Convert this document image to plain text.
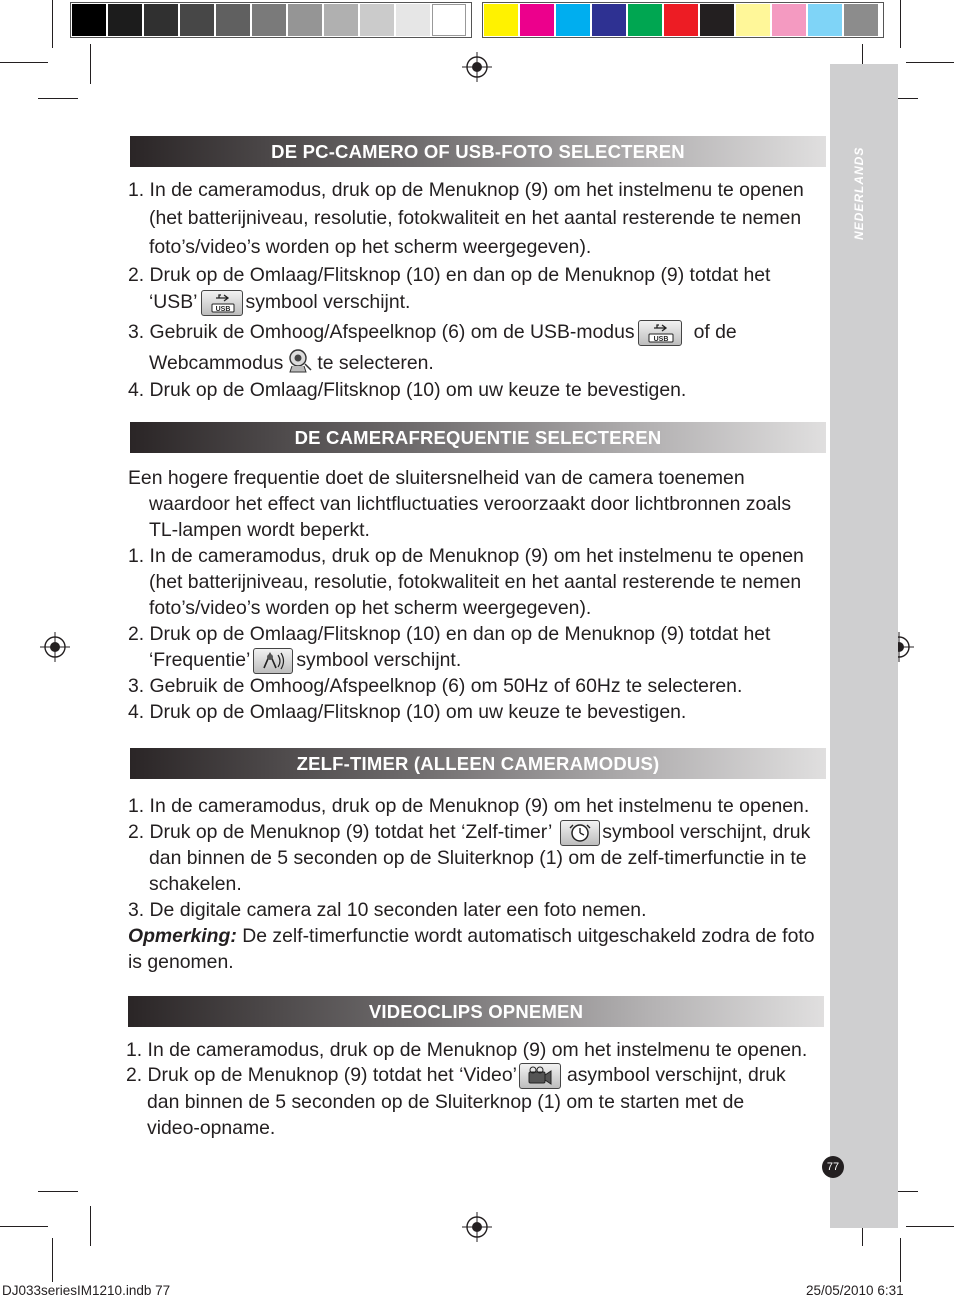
NEDERLANDS
77
DE PC-CAMERO OF USB-FOTO SELECTEREN
1. In de cameramodus, druk op de Menuknop (9) om het instelmenu te openen
(het batterijniveau, resolutie, fotokwaliteit en het aantal resterende te nemen
foto’s/video’s worden op het scherm weergegeven).
2. Druk op de Omlaag/Flitsknop (10) en dan op de Menuknop (9) totdat het
‘USB’	USB symbool verschijnt.
3. Gebruik de Omhoog/Afspeelknop (6) om de USB-modus	USB of de
Webcammodus te selecteren.
4. Druk op de Omlaag/Flitsknop (10) om uw keuze te bevestigen.
DE CAMERAFREQUENTIE SELECTEREN
Een hogere frequentie doet de sluitersnelheid van de camera toenemen
waardoor het effect van lichtfluctuaties veroorzaakt door lichtbronnen zoals
TL-lampen wordt beperkt.
1. In de cameramodus, druk op de Menuknop (9) om het instelmenu te openen
(het batterijniveau, resolutie, fotokwaliteit en het aantal resterende te nemen
foto’s/video’s worden op het scherm weergegeven).
2. Druk op de Omlaag/Flitsknop (10) en dan op de Menuknop (9) totdat het
‘Frequentie’ symbool verschijnt.
3. Gebruik de Omhoog/Afspeelknop (6) om 50Hz of 60Hz te selecteren.
4. Druk op de Omlaag/Flitsknop (10) om uw keuze te bevestigen.
ZELF-TIMER (ALLEEN CAMERAMODUS)
1. In de cameramodus, druk op de Menuknop (9) om het instelmenu te openen.
2. Druk op de Menuknop (9) totdat het ‘Zelf-timer’	symbool verschijnt, druk
dan binnen de 5 seconden op de Sluiterknop (1) om de zelf-timerfunctie in te
schakelen.
3. De digitale camera zal 10 seconden later een foto nemen.
Opmerking: De zelf-timerfunctie wordt automatisch uitgeschakeld zodra de foto
is genomen.
VIDEOCLIPS OPNEMEN
1. In de cameramodus, druk op de Menuknop (9) om het instelmenu te openen.
2. Druk op de Menuknop (9) totdat het ‘Video’	asymbool verschijnt, druk
dan binnen de 5 seconden op de Sluiterknop (1) om te starten met de
video-opname.
DJ033seriesIM1210.indb 77	25/05/2010 6:31
